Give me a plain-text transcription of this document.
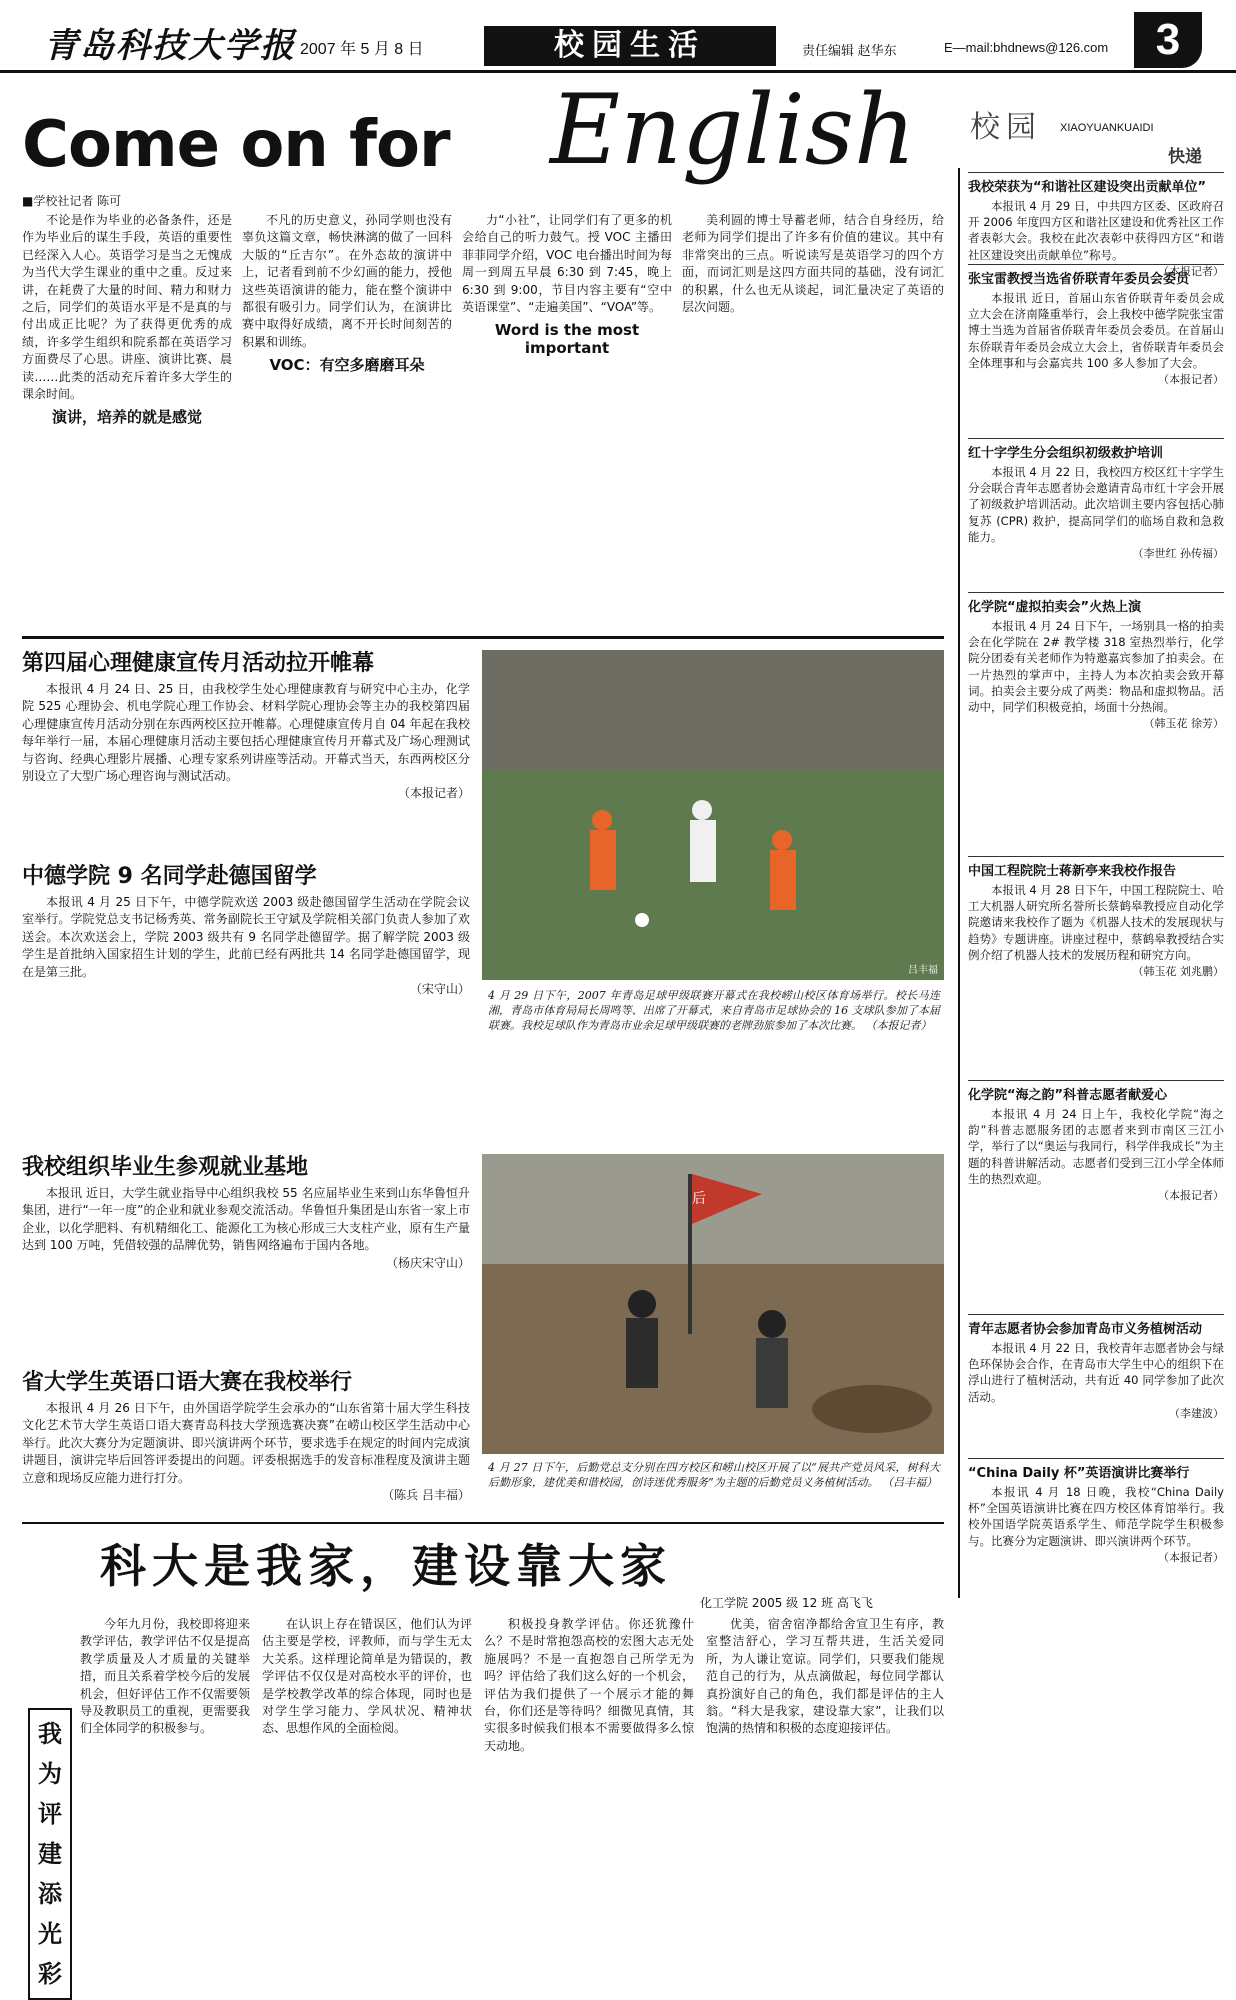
青岛科技大学报 2007 年 5 月 8 日	校园生活	责任编辑 赵华东	E—mail:bhdnews@126.com	3
Come on for English
■学校社记者 陈可

不论是作为毕业的必备条件，还是作为毕业后的谋生手段，英语的重要性已经深入人心。英语学习是当之无愧成为当代大学生课业的重中之重。反过来讲，在耗费了大量的时间、精力和财力之后，同学们的英语水平是不是真的与付出成正比呢？为了获得更优秀的成绩，许多学生组织和院系都在英语学习方面费尽了心思。讲座、演讲比赛、晨读……此类的活动充斥着许多大学生的课余时间。

演讲，培养的就是感觉

不凡的历史意义，孙同学则也没有辜负这篇文章，畅快淋漓的做了一回科大版的“丘吉尔”。在外态故的演讲中上，记者看到前不少幻画的能力，授他这些英语演讲的能力，能在整个演讲中都很有吸引力。同学们认为，在演讲比赛中取得好成绩，离不开长时间刻苦的积累和训练。

VOC：有空多磨磨耳朵

力“小社”，让同学们有了更多的机会给自己的听力鼓气。授 VOC 主播田菲菲同学介绍，VOC 电台播出时间为每周一到周五早晨 6:30 到 7:45，晚上 6:30 到 9:00，节目内容主要有“空中英语课堂”、“走遍美国”、“VOA”等。

Word is the most important

美利圆的博士导蓄老师，结合自身经历，给老师为同学们提出了许多有价值的建议。其中有非常突出的三点。听说读写是英语学习的四个方面，而词汇则是这四方面共同的基础，没有词汇的积累，什么也无从谈起，词汇量决定了英语的层次问题。

第四届心理健康宣传月活动拉开帷幕

本报讯 4 月 24 日、25 日，由我校学生处心理健康教育与研究中心主办，化学院 525 心理协会、机电学院心理工作协会、材料学院心理协会等主办的我校第四届心理健康宣传月活动分别在东西两校区拉开帷幕。心理健康宣传月自 04 年起在我校每年举行一届，本届心理健康月活动主要包括心理健康宣传月开幕式及广场心理测试与咨询、经典心理影片展播、心理专家系列讲座等活动。开幕式当天，东西两校区分别设立了大型广场心理咨询与测试活动。

（本报记者）
中德学院 9 名同学赴德国留学

本报讯 4 月 25 日下午，中德学院欢送 2003 级赴德国留学生活动在学院会议室举行。学院党总支书记杨秀英、常务副院长王守斌及学院相关部门负责人参加了欢送会。本次欢送会上，学院 2003 级共有 9 名同学赴德留学。据了解学院 2003 级学生是首批纳入国家招生计划的学生，此前已经有两批共 14 名同学赴德国留学，现在是第三批。

（宋守山）
我校组织毕业生参观就业基地

本报讯 近日，大学生就业指导中心组织我校 55 名应届毕业生来到山东华鲁恒升集团，进行“一年一度”的企业和就业参观交流活动。华鲁恒升集团是山东省一家上市企业，以化学肥料、有机精细化工、能源化工为核心形成三大支柱产业，原有生产量达到 100 万吨，凭借较强的品牌优势，销售网络遍布于国内各地。

（杨庆宋守山）
省大学生英语口语大赛在我校举行

本报讯 4 月 26 日下午，由外国语学院学生会承办的“山东省第十届大学生科技文化艺术节大学生英语口语大赛青岛科技大学预选赛决赛”在崂山校区学生活动中心举行。此次大赛分为定题演讲、即兴演讲两个环节，要求选手在规定的时间内完成演讲题目，演讲完毕后回答评委提出的问题。评委根据选手的发音标准程度及演讲主题立意和现场反应能力进行打分。

（陈兵 吕丰福）
吕丰福
4 月 29 日下午，2007 年青岛足球甲级联赛开幕式在我校崂山校区体育场举行。校长马连湘，青岛市体育局局长周鸣等、出席了开幕式，来自青岛市足球协会的 16 支球队参加了本届联赛。我校足球队作为青岛市业余足球甲级联赛的老牌劲旅参加了本次比赛。 （本报记者）
后
4 月 27 日下午，后勤党总支分别在四方校区和崂山校区开展了以“展共产党员风采，树科大后勤形象，建优美和谐校园，创诗迷优秀服务”为主题的后勤党员义务植树活动。 （吕丰福）
校园 XIAOYUANKUAIDI
快递
我校荣获为“和谐社区建设突出贡献单位”

本报讯 4 月 29 日，中共四方区委、区政府召开 2006 年度四方区和谐社区建设和优秀社区工作者表彰大会。我校在此次表彰中获得四方区“和谐社区建设突出贡献单位”称号。

（本报记者）
张宝雷教授当选省侨联青年委员会委员

本报讯 近日，首届山东省侨联青年委员会成立大会在济南隆重举行，会上我校中德学院张宝雷博士当选为首届省侨联青年委员会委员。在首届山东侨联青年委员会成立大会上，省侨联青年委员会全体理事和与会嘉宾共 100 多人参加了大会。

（本报记者）
红十字学生分会组织初级救护培训

本报讯 4 月 22 日，我校四方校区红十字学生分会联合青年志愿者协会邀请青岛市红十字会开展了初级救护培训活动。此次培训主要内容包括心肺复苏 (CPR) 救护，提高同学们的临场自救和急救能力。

（李世红 孙传福）
化学院“虚拟拍卖会”火热上演

本报讯 4 月 24 日下午，一场别具一格的拍卖会在化学院在 2# 教学楼 318 室热烈举行，化学院分团委有关老师作为特邀嘉宾参加了拍卖会。在一片热烈的掌声中，主持人为本次拍卖会致开幕词。拍卖会主要分成了两类：物品和虚拟物品。活动中，同学们积极竞拍，场面十分热闹。

（韩玉花 徐芳）
中国工程院院士蒋新亭来我校作报告

本报讯 4 月 28 日下午，中国工程院院士、哈工大机器人研究所名誉所长蔡鹤皋教授应自动化学院邀请来我校作了题为《机器人技术的发展现状与趋势》专题讲座。讲座过程中，蔡鹤皋教授结合实例介绍了机器人技术的发展历程和研究方向。

（韩玉花 刘兆鹏）
化学院“海之韵”科普志愿者献爱心

本报讯 4 月 24 日上午，我校化学院“海之韵”科普志愿服务团的志愿者来到市南区三江小学，举行了以“奥运与我同行，科学伴我成长”为主题的科普讲解活动。志愿者们受到三江小学全体师生的热烈欢迎。

（本报记者）
青年志愿者协会参加青岛市义务植树活动

本报讯 4 月 22 日，我校青年志愿者协会与绿色环保协会合作，在青岛市大学生中心的组织下在浮山进行了植树活动，共有近 40 同学参加了此次活动。

（李建波）
“China Daily 杯”英语演讲比赛举行

本报讯 4 月 18 日晚，我校“China Daily 杯”全国英语演讲比赛在四方校区体育馆举行。我校外国语学院英语系学生、师范学院学生积极参与。比赛分为定题演讲、即兴演讲两个环节。

（本报记者）
科大是我家，建设靠大家
化工学院 2005 级 12 班 高飞飞
我
为
评
建
添
光
彩

今年九月份，我校即将迎来教学评估，教学评估不仅是提高教学质量及人才质量的关键举措，而且关系着学校今后的发展机会，但好评估工作不仅需要领导及教职员工的重视，更需要我们全体同学的积极参与。

在认识上存在错误区，他们认为评估主要是学校，评教师，而与学生无太大关系。这样理论简单是为错误的，教学评估不仅仅是对高校水平的评价，也是学校教学改革的综合体现，同时也是对学生学习能力、学风状况、精神状态、思想作风的全面检阅。

积极投身教学评估。你还犹豫什么？不是时常抱怨高校的宏图大志无处施展吗？不是一直抱怨自己所学无为吗？评估给了我们这么好的一个机会，评估为我们提供了一个展示才能的舞台，你们还是等待吗？细微见真情，其实很多时候我们根本不需要做得多么惊天动地。

优美，宿舍宿净都给舍宣卫生有序，教室整洁舒心，学习互帮共进，生活关爱同所，为人谦让宽谅。同学们，只要我们能规范自己的行为，从点滴做起，每位同学都认真扮演好自己的角色，我们都是评估的主人翁。“科大是我家，建设靠大家”，让我们以饱满的热情和积极的态度迎接评估。
